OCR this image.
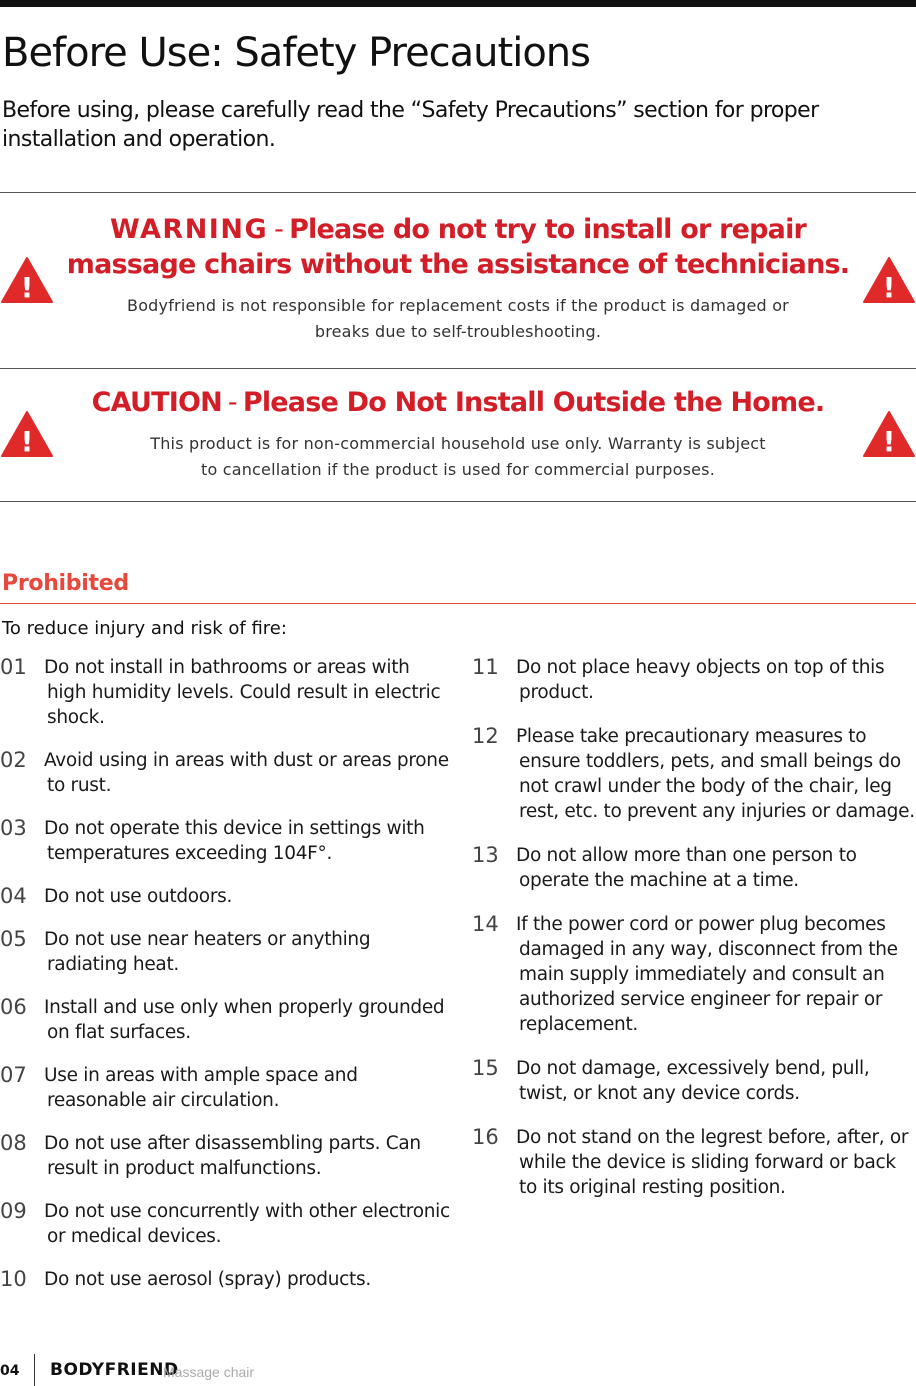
Before Use: Safety Precautions

Before using, please carefully read the “Safety Precautions” section for proper installation and operation.

!	!
WARNING - Please do not try to install or repair
massage chairs without the assistance of technicians.
Bodyfriend is not responsible for replacement costs if the product is damaged or
breaks due to self-troubleshooting.
!	!
CAUTION - Please Do Not Install Outside the Home.
This product is for non-commercial household use only. Warranty is subject
to cancellation if the product is used for commercial purposes.
Prohibited

To reduce injury and risk of fire:

01 Do not install in bathrooms or areas with high humidity levels. Could result in electric shock.
02 Avoid using in areas with dust or areas prone to rust.
03 Do not operate this device in settings with temperatures exceeding 104F°.
04 Do not use outdoors.
05 Do not use near heaters or anything radiating heat.
06 Install and use only when properly grounded on flat surfaces.
07 Use in areas with ample space and reasonable air circulation.
08 Do not use after disassembling parts. Can result in product malfunctions.
09 Do not use concurrently with other electronic or medical devices.
10 Do not use aerosol (spray) products.
11 Do not place heavy objects on top of this product.
12 Please take precautionary measures to ensure toddlers, pets, and small beings do not crawl under the body of the chair, leg rest, etc. to prevent any injuries or damage.
13 Do not allow more than one person to operate the machine at a time.
14 If the power cord or power plug becomes damaged in any way, disconnect from the main supply immediately and consult an authorized service engineer for repair or replacement.
15 Do not damage, excessively bend, pull, twist, or knot any device cords.
16 Do not stand on the legrest before, after, or while the device is sliding forward or back to its original resting position.
04 BODYFRIEND
Massage chair
